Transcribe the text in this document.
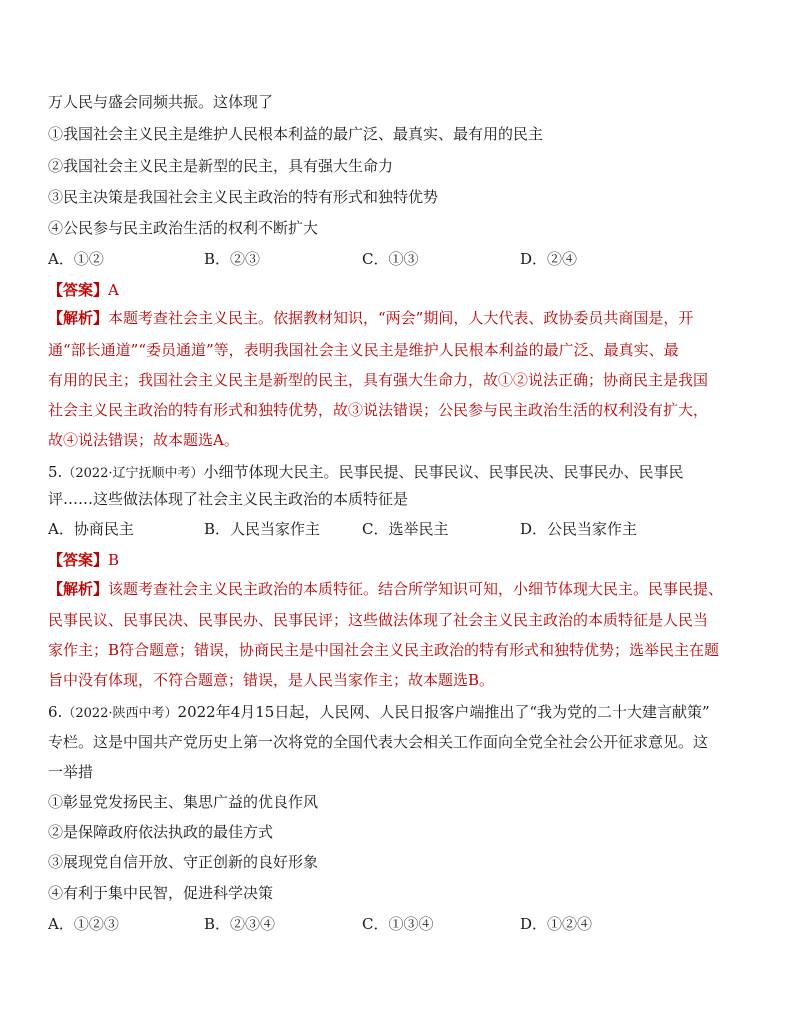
万人民与盛会同频共振。这体现了
①我国社会主义民主是维护人民根本利益的最广泛、最真实、最有用的民主
②我国社会主义民主是新型的民主，具有强大生命力
③民主决策是我国社会主义民主政治的特有形式和独特优势
④公民参与民主政治生活的权利不断扩大
A．①②	B．②③	C．①③	D．②④
【答案】A
【解析】本题考查社会主义民主。依据教材知识，“两会”期间，人大代表、政协委员共商国是，开
通“部长通道”“委员通道”等，表明我国社会主义民主是维护人民根本利益的最广泛、最真实、最
有用的民主；我国社会主义民主是新型的民主，具有强大生命力，故①②说法正确；协商民主是我国
社会主义民主政治的特有形式和独特优势，故③说法错误；公民参与民主政治生活的权利没有扩大，
故④说法错误；故本题选A。
5.（2022·辽宁抚顺中考）小细节体现大民主。民事民提、民事民议、民事民决、民事民办、民事民
评……这些做法体现了社会主义民主政治的本质特征是
A．协商民主	B．人民当家作主	C．选举民主	D．公民当家作主
【答案】B
【解析】该题考查社会主义民主政治的本质特征。结合所学知识可知，小细节体现大民主。民事民提、
民事民议、民事民决、民事民办、民事民评；这些做法体现了社会主义民主政治的本质特征是人民当
家作主；B符合题意；错误，协商民主是中国社会主义民主政治的特有形式和独特优势；选举民主在题
旨中没有体现，不符合题意；错误，是人民当家作主；故本题选B。
6.（2022·陕西中考）2022年4月15日起，人民网、人民日报客户端推出了“我为党的二十大建言献策”
专栏。这是中国共产党历史上第一次将党的全国代表大会相关工作面向全党全社会公开征求意见。这
一举措
①彰显党发扬民主、集思广益的优良作风
②是保障政府依法执政的最佳方式
③展现党自信开放、守正创新的良好形象
④有利于集中民智，促进科学决策
A．①②③	B．②③④	C．①③④	D．①②④
